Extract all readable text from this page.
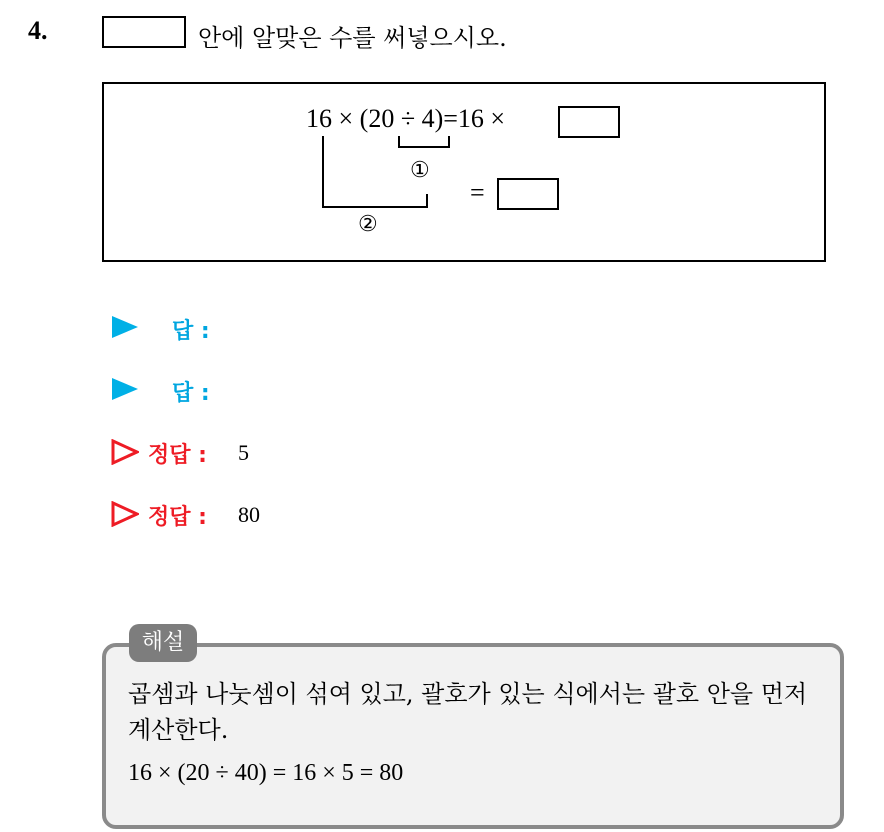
4.	안에 알맞은 수를 써넣으시오.
16 × (20 ÷ 4)=16 ×
①
②
=
답 :
답 :
정답 : 5
정답 : 80
해설
곱셈과 나눗셈이 섞여 있고, 괄호가 있는 식에서는 괄호 안을 먼저 계산한다.
16 × (20 ÷ 40) = 16 × 5 = 80
